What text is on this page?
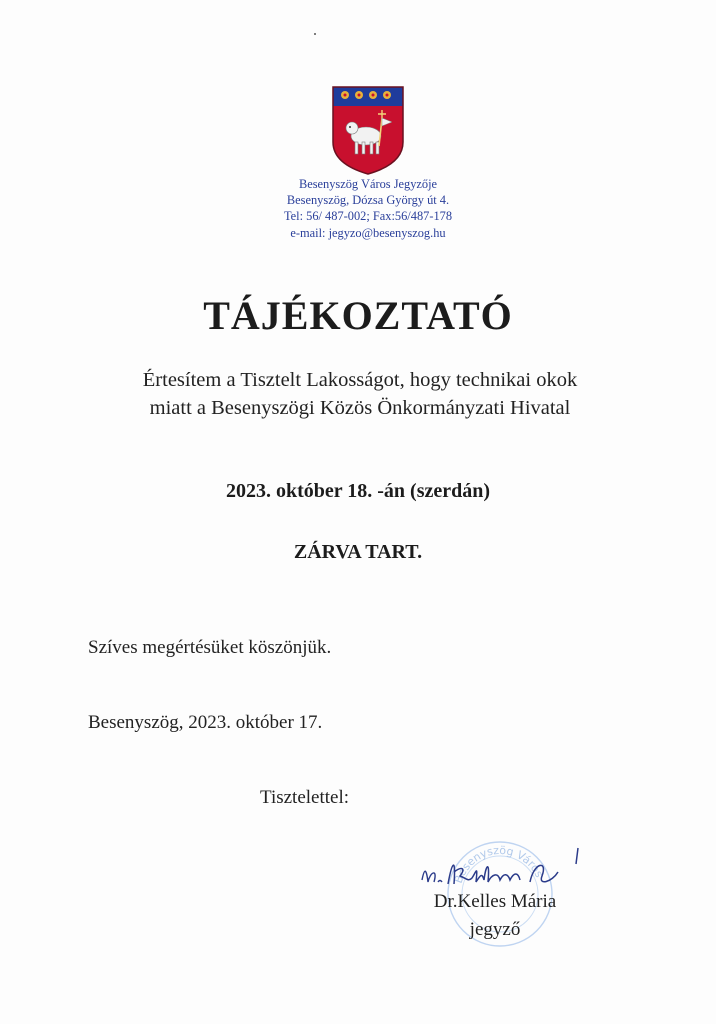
Besenyszög Város Jegyzője
Besenyszög, Dózsa György út 4.
Tel: 56/ 487-002; Fax:56/487-178
e-mail: jegyzo@besenyszog.hu
TÁJÉKOZTATÓ
Értesítem a Tisztelt Lakosságot, hogy technikai okok
miatt a Besenyszögi Közös Önkormányzati Hivatal
2023. október 18. -án (szerdán)
ZÁRVA TART.
Szíves megértésüket köszönjük.
Besenyszög, 2023. október 17.
Tisztelettel:
Besenyszög Város
Dr.Kelles Mária
jegyző
